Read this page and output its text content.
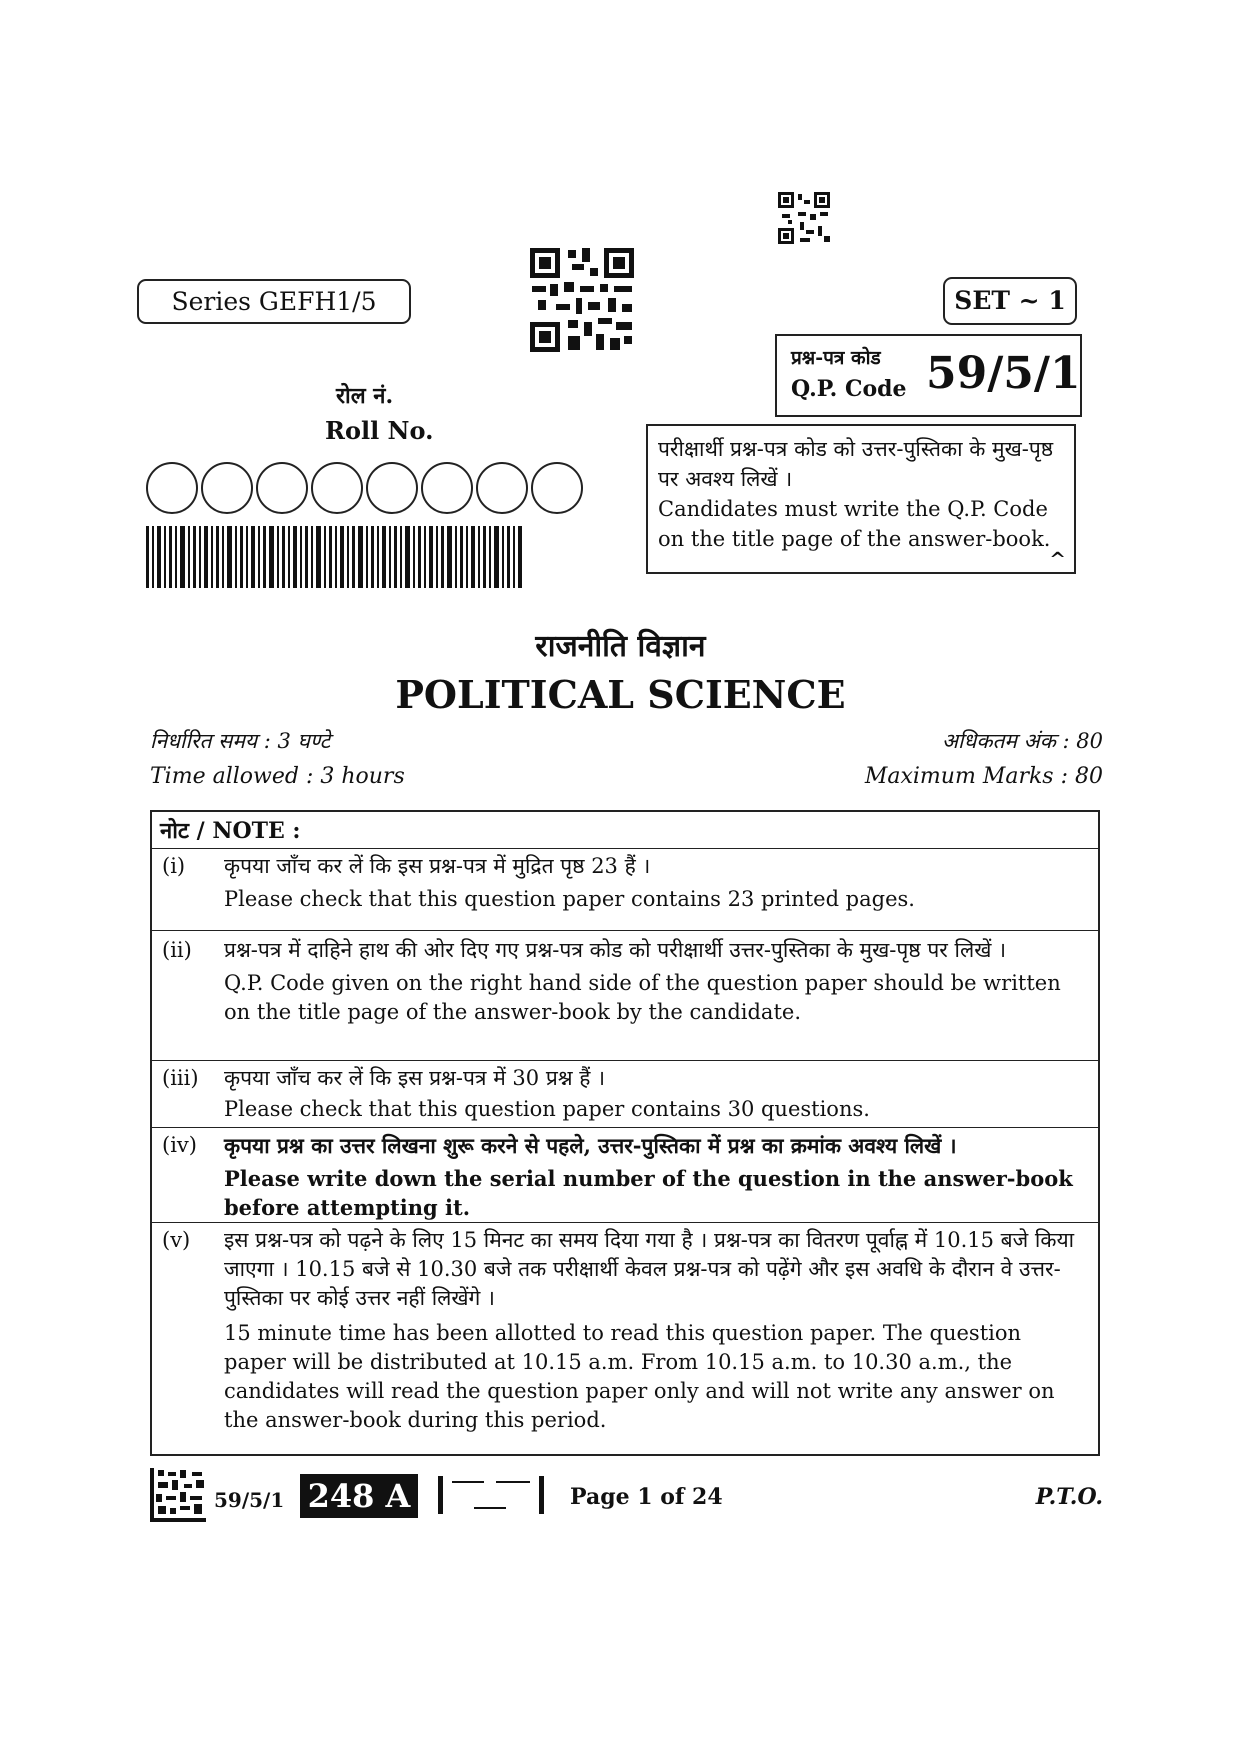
Series GEFH1/5	SET ~ 1
प्रश्न-पत्र कोड
Q.P. Code 59/5/1
रोल नं.
Roll No.
परीक्षार्थी प्रश्न-पत्र कोड को उत्तर-पुस्तिका के मुख-पृष्ठ पर अवश्य लिखें ।
Candidates must write the Q.P. Code on the title page of the answer-book.
^
राजनीति विज्ञान
POLITICAL SCIENCE
निर्धारित समय : 3 घण्टे
Time allowed : 3 hours
अधिकतम अंक : 80
Maximum Marks : 80
नोट / NOTE :
(i) कृपया जाँच कर लें कि इस प्रश्न-पत्र में मुद्रित पृष्ठ 23 हैं ।

Please check that this question paper contains 23 printed pages.

(ii) प्रश्न-पत्र में दाहिने हाथ की ओर दिए गए प्रश्न-पत्र कोड को परीक्षार्थी उत्तर-पुस्तिका के मुख-पृष्ठ पर लिखें ।

Q.P. Code given on the right hand side of the question paper should be written on the title page of the answer-book by the candidate.

(iii) कृपया जाँच कर लें कि इस प्रश्न-पत्र में 30 प्रश्न हैं ।

Please check that this question paper contains 30 questions.

(iv) कृपया प्रश्न का उत्तर लिखना शुरू करने से पहले, उत्तर-पुस्तिका में प्रश्न का क्रमांक अवश्य लिखें ।

Please write down the serial number of the question in the answer-book before attempting it.

(v) इस प्रश्न-पत्र को पढ़ने के लिए 15 मिनट का समय दिया गया है । प्रश्न-पत्र का वितरण पूर्वाह्न में 10.15 बजे किया जाएगा । 10.15 बजे से 10.30 बजे तक परीक्षार्थी केवल प्रश्न-पत्र को पढ़ेंगे और इस अवधि के दौरान वे उत्तर-पुस्तिका पर कोई उत्तर नहीं लिखेंगे ।

15 minute time has been allotted to read this question paper. The question paper will be distributed at 10.15 a.m. From 10.15 a.m. to 10.30 a.m., the candidates will read the question paper only and will not write any answer on the answer-book during this period.

59/5/1 248 A	Page 1 of 24	P.T.O.
